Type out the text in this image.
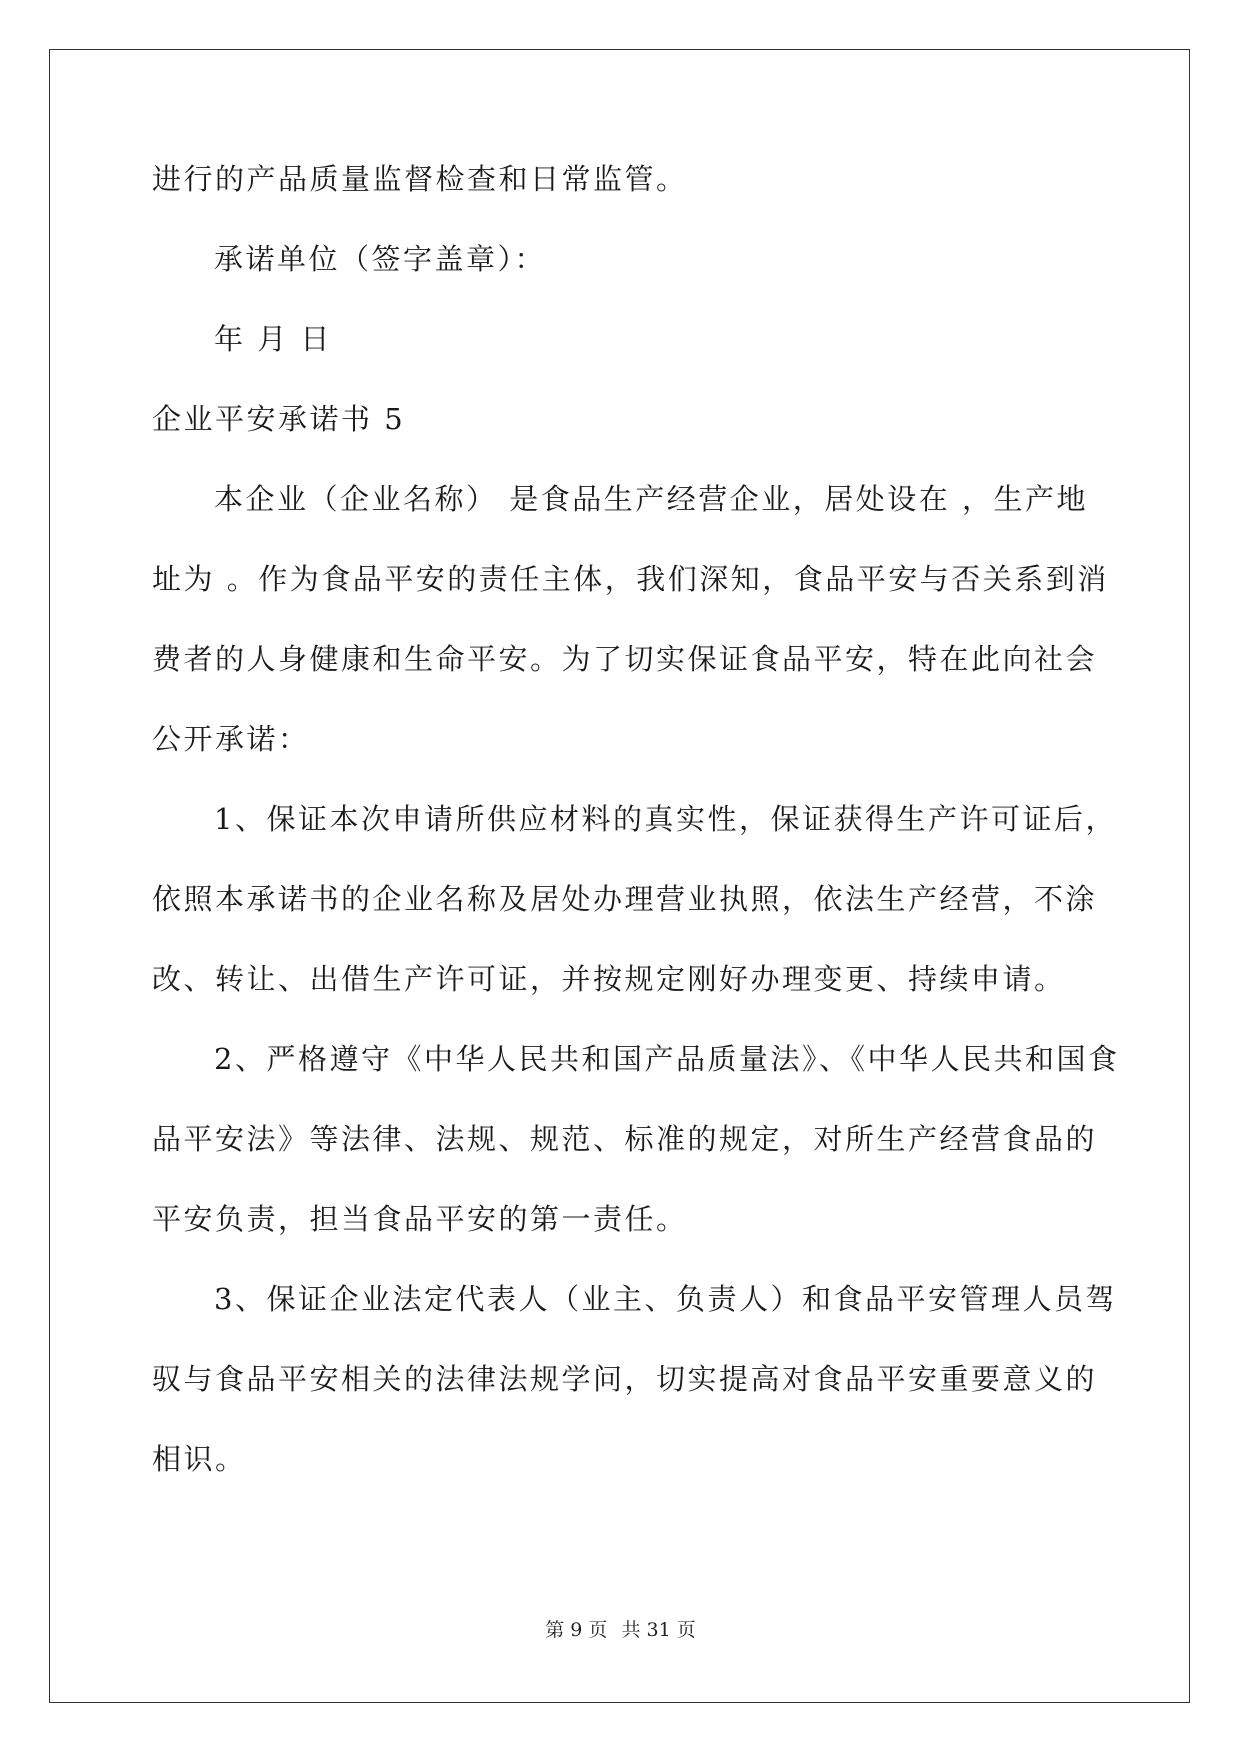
进行的产品质量监督检查和日常监管。

承诺单位（签字盖章）：

年 月 日

企业平安承诺书 5

本企业（企业名称） 是食品生产经营企业，居处设在 ，生产地

址为 。作为食品平安的责任主体，我们深知，食品平安与否关系到消

费者的人身健康和生命平安。为了切实保证食品平安，特在此向社会

公开承诺：

1、保证本次申请所供应材料的真实性，保证获得生产许可证后，

依照本承诺书的企业名称及居处办理营业执照，依法生产经营，不涂

改、转让、出借生产许可证，并按规定刚好办理变更、持续申请。

2、严格遵守《中华人民共和国产品质量法》、《中华人民共和国食

品平安法》等法律、法规、规范、标准的规定，对所生产经营食品的

平安负责，担当食品平安的第一责任。

3、保证企业法定代表人（业主、负责人）和食品平安管理人员驾

驭与食品平安相关的法律法规学问，切实提高对食品平安重要意义的

相识。

第 9 页 共 31 页
